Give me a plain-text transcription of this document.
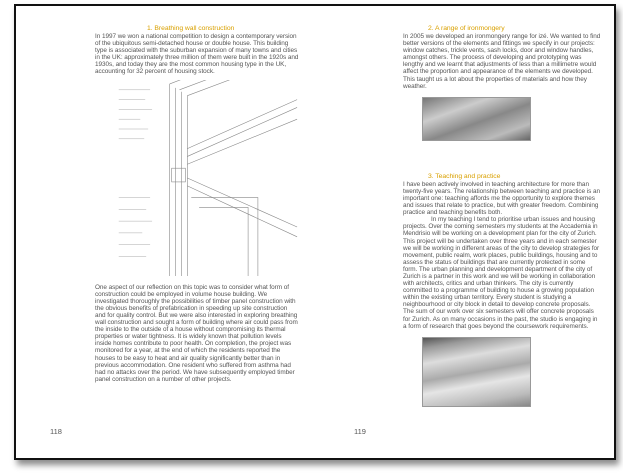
1. Breathing wall construction

In 1997 we won a national competition to design a contemporary version of the ubiquitous semi-detached house or double house. This building type is associated with the suburban expansion of many towns and cities in the UK: approximately three million of them were built in the 1920s and 1930s, and today they are the most common housing type in the UK, accounting for 32 percent of housing stock.

One aspect of our reflection on this topic was to consider what form of construction could be employed in volume house building. We investigated thoroughly the possibilities of timber panel construction with the obvious benefits of prefabrication in speeding up site construction and for quality control. But we were also interested in exploring breathing wall construction and sought a form of building where air could pass from the inside to the outside of a house without compromising its thermal properties or water tightness. It is widely known that pollution levels inside homes contribute to poor health. On completion, the project was monitored for a year, at the end of which the residents reported the houses to be easy to heat and air quality significantly better than in previous accommodation. One resident who suffered from asthma had had no attacks over the period. We have subsequently employed timber panel construction on a number of other projects.

118
2. A range of ironmongery

In 2005 we developed an ironmongery range for izé. We wanted to find better versions of the elements and fittings we specify in our projects: window catches, trickle vents, sash locks, door and window handles, amongst others. The process of developing and prototyping was lengthy and we learnt that adjustments of less than a millimetre would affect the proportion and appearance of the elements we developed. This taught us a lot about the properties of materials and how they weather.

3. Teaching and practice

I have been actively involved in teaching architecture for more than twenty-five years. The relationship between teaching and practice is an important one: teaching affords me the opportunity to explore themes and issues that relate to practice, but with greater freedom. Combining practice and teaching benefits both.

In my teaching I tend to prioritise urban issues and housing projects. Over the coming semesters my students at the Accademia in Mendrisio will be working on a development plan for the city of Zurich. This project will be undertaken over three years and in each semester we will be working in different areas of the city to develop strategies for movement, public realm, work places, public buildings, housing and to assess the status of buildings that are currently protected in some form. The urban planning and development department of the city of Zurich is a partner in this work and we will be working in collaboration with architects, critics and urban thinkers. The city is currently committed to a programme of building to house a growing population within the existing urban territory. Every student is studying a neighbourhood or city block in detail to develop concrete proposals. The sum of our work over six semesters will offer concrete proposals for Zurich. As on many occasions in the past, the studio is engaging in a form of research that goes beyond the coursework requirements.

119
